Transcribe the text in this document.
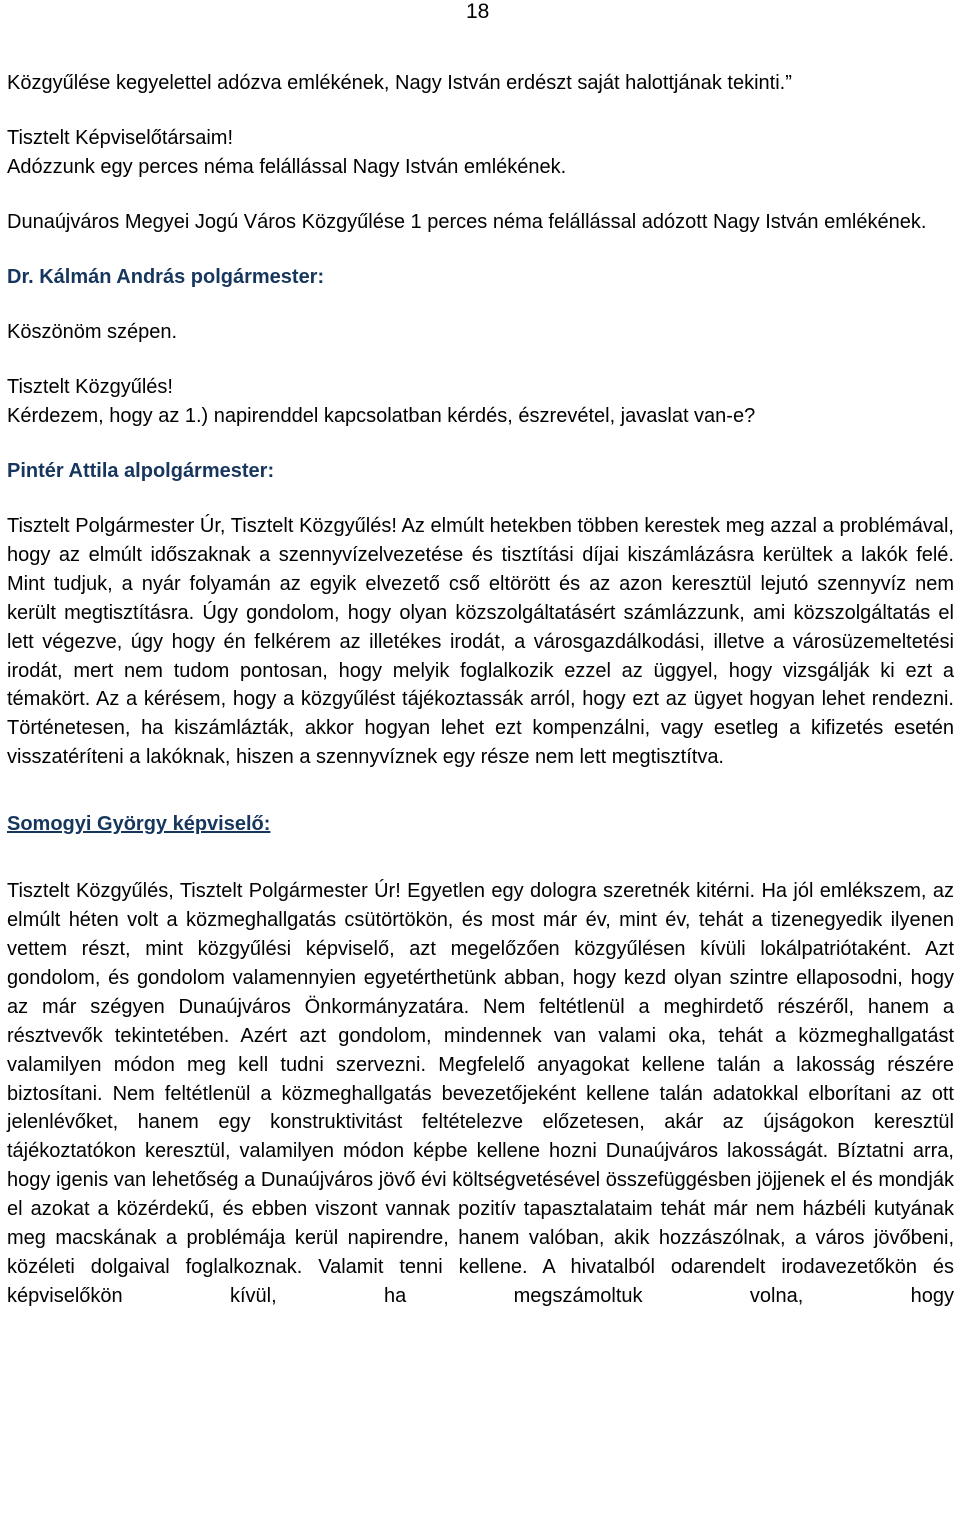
18

Közgyűlése kegyelettel adózva emlékének, Nagy István erdészt saját halottjának tekinti.”

Tisztelt Képviselőtársaim!

Adózzunk egy perces néma felállással Nagy István emlékének.

Dunaújváros Megyei Jogú Város Közgyűlése 1 perces néma felállással adózott Nagy István emlékének.

Dr. Kálmán András polgármester:

Köszönöm szépen.

Tisztelt Közgyűlés!

Kérdezem, hogy az 1.) napirenddel kapcsolatban kérdés, észrevétel, javaslat van-e?

Pintér Attila alpolgármester:

Tisztelt Polgármester Úr, Tisztelt Közgyűlés! Az elmúlt hetekben többen kerestek meg azzal a problémával, hogy az elmúlt időszaknak a szennyvízelvezetése és tisztítási díjai kiszámlázásra kerültek a lakók felé. Mint tudjuk, a nyár folyamán az egyik elvezető cső eltörött és az azon keresztül lejutó szennyvíz nem került megtisztításra. Úgy gondolom, hogy olyan közszolgáltatásért számlázzunk, ami közszolgáltatás el lett végezve, úgy hogy én felkérem az illetékes irodát, a városgazdálkodási, illetve a városüzemeltetési irodát, mert nem tudom pontosan, hogy melyik foglalkozik ezzel az üggyel, hogy vizsgálják ki ezt a témakört. Az a kérésem, hogy a közgyűlést tájékoztassák arról, hogy ezt az ügyet hogyan lehet rendezni. Történetesen, ha kiszámlázták, akkor hogyan lehet ezt kompenzálni, vagy esetleg a kifizetés esetén visszatéríteni a lakóknak, hiszen a szennyvíznek egy része nem lett megtisztítva.

Somogyi György képviselő:

Tisztelt Közgyűlés, Tisztelt Polgármester Úr! Egyetlen egy dologra szeretnék kitérni. Ha jól emlékszem, az elmúlt héten volt a közmeghallgatás csütörtökön, és most már év, mint év, tehát a tizenegyedik ilyenen vettem részt, mint közgyűlési képviselő, azt megelőzően közgyűlésen kívüli lokálpatriótaként. Azt gondolom, és gondolom valamennyien egyetérthetünk abban, hogy kezd olyan szintre ellaposodni, hogy az már szégyen Dunaújváros Önkormányzatára. Nem feltétlenül a meghirdető részéről, hanem a résztvevők tekintetében. Azért azt gondolom, mindennek van valami oka, tehát a közmeghallgatást valamilyen módon meg kell tudni szervezni. Megfelelő anyagokat kellene talán a lakosság részére biztosítani. Nem feltétlenül a közmeghallgatás bevezetőjeként kellene talán adatokkal elborítani az ott jelenlévőket, hanem egy konstruktivitást feltételezve előzetesen, akár az újságokon keresztül tájékoztatókon keresztül, valamilyen módon képbe kellene hozni Dunaújváros lakosságát. Bíztatni arra, hogy igenis van lehetőség a Dunaújváros jövő évi költségvetésével összefüggésben jöjjenek el és mondják el azokat a közérdekű, és ebben viszont vannak pozitív tapasztalataim tehát már nem házbéli kutyának meg macskának a problémája kerül napirendre, hanem valóban, akik hozzászólnak, a város jövőbeni, közéleti dolgaival foglalkoznak. Valamit tenni kellene. A hivatalból odarendelt irodavezetőkön és képviselőkön kívül, ha megszámoltuk volna, hogy
